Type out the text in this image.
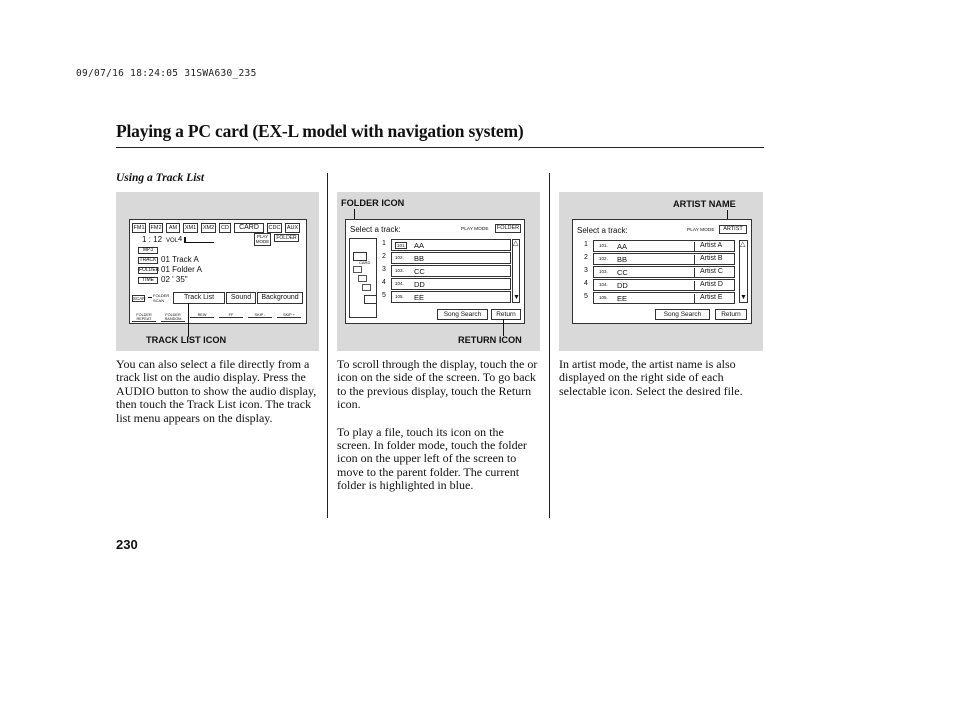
09/07/16 18:24:05 31SWA630_235
Playing a PC card (EX-L model with navigation system)
Using a Track List
FM1 FM2	AM	XM1	XM2	CD	CARD	CDC	AUX
1 : 12 VOL 4	PLAY MODE
FOLDER
MP3
TRACK 01 Track A
FOLDER 01 Folder A
TIME 02 ' 35"
SCAN
FOLDER SCAN	Track List	Sound	Background
FOLDER REPEAT
FOLDER RANDOM
REW	FF	SKIP -	SKIP +
TRACK LIST ICON
FOLDER ICON
Select a track:	PLAY MODE	FOLDER
CARD
1	101 AA
2 102. BB
3 103. CC
4 104. DD
5 105. EE
△
▼
Song Search	Return
RETURN ICON
ARTIST NAME
Select a track:	PLAY MODE	ARTIST
1 101. AA	Artist A
2 102. BB	Artist B
3 103. CC	Artist C
4 104. DD	Artist D
5 105. EE	Artist E
△
▼
Song Search	Return

You can also select a file directly from a track list on the audio display. Press the AUDIO button to show the audio display, then touch the Track List icon. The track list menu appears on the display.

To scroll through the display, touch the or icon on the side of the screen. To go back to the previous display, touch the Return icon.

To play a file, touch its icon on the screen. In folder mode, touch the folder icon on the upper left of the screen to move to the parent folder. The current folder is highlighted in blue.

In artist mode, the artist name is also displayed on the right side of each selectable icon. Select the desired file.

230
